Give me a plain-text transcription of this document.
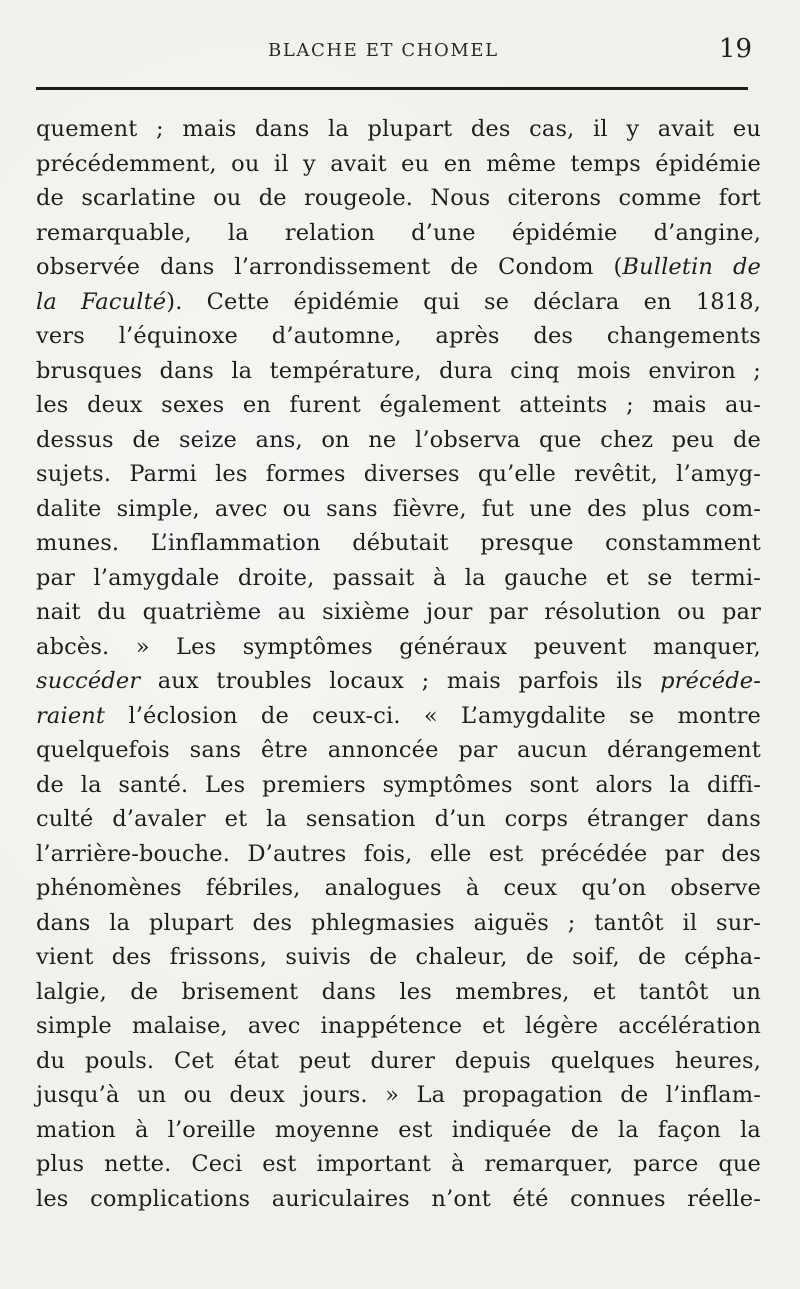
BLACHE ET CHOMEL	19
quement ; mais dans la plupart des cas, il y avait eu
précédemment, ou il y avait eu en même temps épidémie
de scarlatine ou de rougeole. Nous citerons comme fort
remarquable, la relation d’une épidémie d’angine,
observée dans l’arrondissement de Condom (Bulletin de
la Faculté). Cette épidémie qui se déclara en 1818,
vers l’équinoxe d’automne, après des changements
brusques dans la température, dura cinq mois environ ;
les deux sexes en furent également atteints ; mais au-
dessus de seize ans, on ne l’observa que chez peu de
sujets. Parmi les formes diverses qu’elle revêtit, l’amyg-
dalite simple, avec ou sans fièvre, fut une des plus com-
munes. L’inflammation débutait presque constamment
par l’amygdale droite, passait à la gauche et se termi-
nait du quatrième au sixième jour par résolution ou par
abcès. » Les symptômes généraux peuvent manquer,
succéder aux troubles locaux ; mais parfois ils précéde-
raient l’éclosion de ceux-ci. « L’amygdalite se montre
quelquefois sans être annoncée par aucun dérangement
de la santé. Les premiers symptômes sont alors la diffi-
culté d’avaler et la sensation d’un corps étranger dans
l’arrière-bouche. D’autres fois, elle est précédée par des
phénomènes fébriles, analogues à ceux qu’on observe
dans la plupart des phlegmasies aiguës ; tantôt il sur-
vient des frissons, suivis de chaleur, de soif, de cépha-
lalgie, de brisement dans les membres, et tantôt un
simple malaise, avec inappétence et légère accélération
du pouls. Cet état peut durer depuis quelques heures,
jusqu’à un ou deux jours. » La propagation de l’inflam-
mation à l’oreille moyenne est indiquée de la façon la
plus nette. Ceci est important à remarquer, parce que
les complications auriculaires n’ont été connues réelle-
